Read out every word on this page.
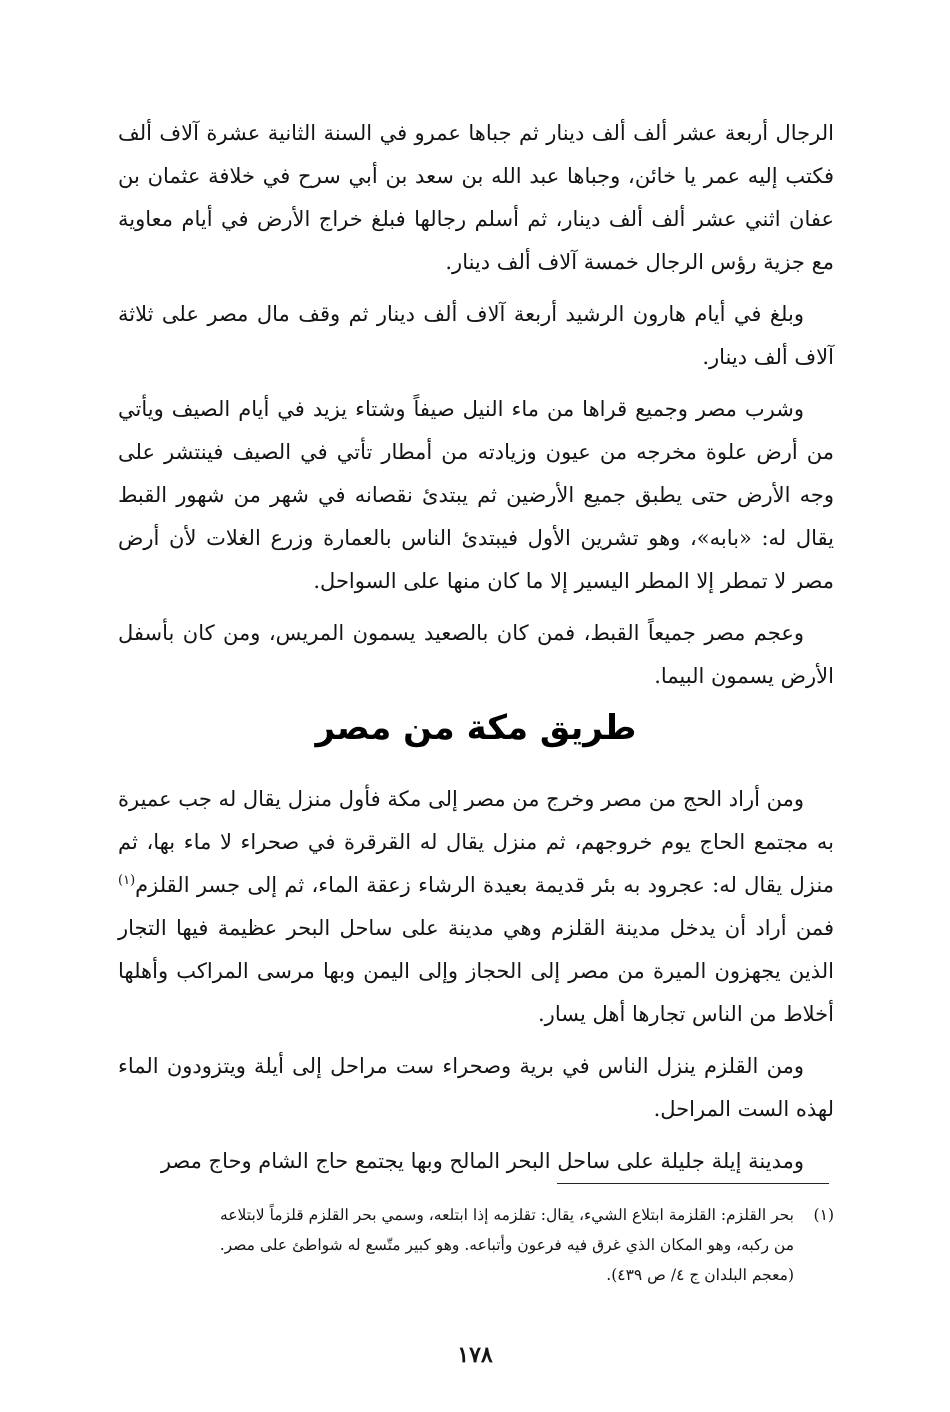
الرجال أربعة عشر ألف ألف دينار ثم جباها عمرو في السنة الثانية عشرة آلاف ألف فكتب إليه عمر يا خائن، وجباها عبد الله بن سعد بن أبي سرح في خلافة عثمان بن عفان اثني عشر ألف ألف دينار، ثم أسلم رجالها فبلغ خراج الأرض في أيام معاوية مع جزية رؤس الرجال خمسة آلاف ألف دينار.

وبلغ في أيام هارون الرشيد أربعة آلاف ألف دينار ثم وقف مال مصر على ثلاثة آلاف ألف دينار.

وشرب مصر وجميع قراها من ماء النيل صيفاً وشتاء يزيد في أيام الصيف ويأتي من أرض علوة مخرجه من عيون وزيادته من أمطار تأتي في الصيف فينتشر على وجه الأرض حتى يطبق جميع الأرضين ثم يبتدئ نقصانه في شهر من شهور القبط يقال له: «بابه»، وهو تشرين الأول فيبتدئ الناس بالعمارة وزرع الغلات لأن أرض مصر لا تمطر إلا المطر اليسير إلا ما كان منها على السواحل.

وعجم مصر جميعاً القبط، فمن كان بالصعيد يسمون المريس، ومن كان بأسفل الأرض يسمون البيما.

طريق مكة من مصر

ومن أراد الحج من مصر وخرج من مصر إلى مكة فأول منزل يقال له جب عميرة به مجتمع الحاج يوم خروجهم، ثم منزل يقال له القرقرة في صحراء لا ماء بها، ثم منزل يقال له: عجرود به بئر قديمة بعيدة الرشاء زعقة الماء، ثم إلى جسر القلزم$^{(١)}$ فمن أراد أن يدخل مدينة القلزم وهي مدينة على ساحل البحر عظيمة فيها التجار الذين يجهزون الميرة من مصر إلى الحجاز وإلى اليمن وبها مرسى المراكب وأهلها أخلاط من الناس تجارها أهل يسار.

ومن القلزم ينزل الناس في برية وصحراء ست مراحل إلى أيلة ويتزودون الماء لهذه الست المراحل.

ومدينة إيلة جليلة على ساحل البحر المالح وبها يجتمع حاج الشام وحاج مصر

(١)بحر القلزم: القلزمة ابتلاع الشيء، يقال: تقلزمه إذا ابتلعه، وسمي بحر القلزم قلزماً لابتلاعه
من ركبه، وهو المكان الذي غرق فيه فرعون وأتباعه. وهو كبير متّسع له شواطئ على مصر.
(معجم البلدان ج ٤/ ص ٤٣٩).
١٧٨
